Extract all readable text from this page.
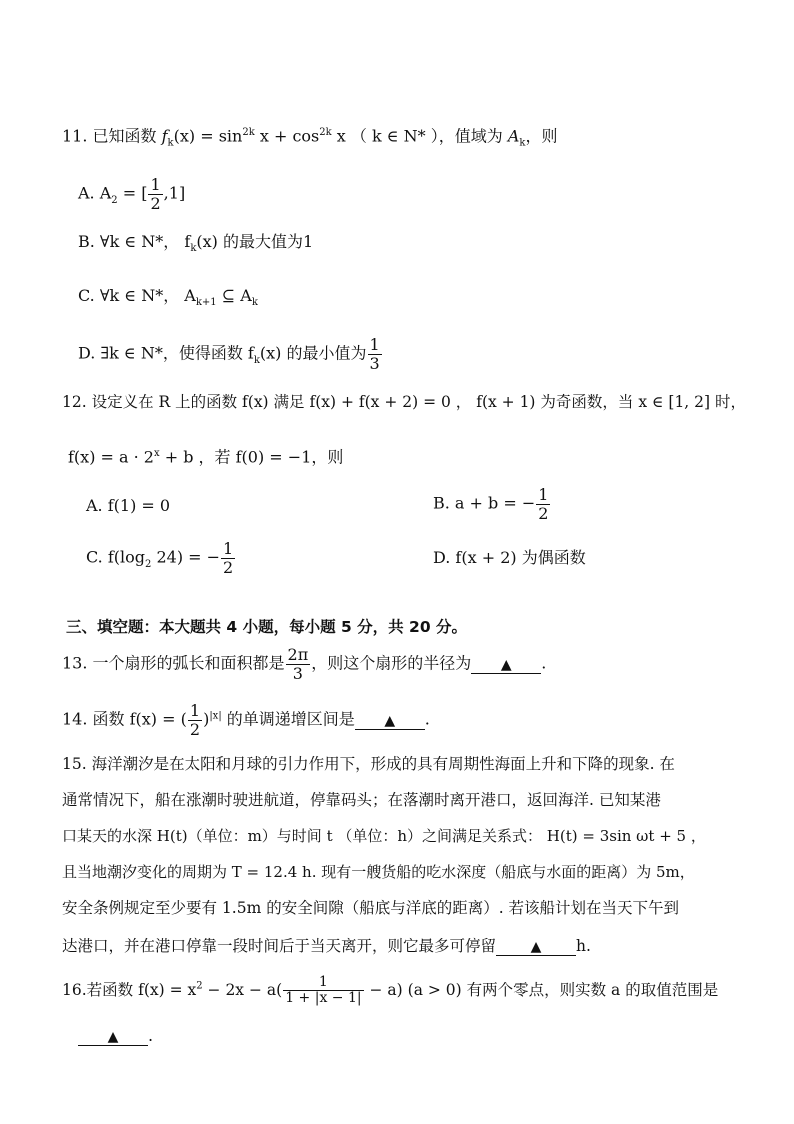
11. 已知函数 $f_k(x) = \sin^{2k} x + \cos^{2k} x$ （ k ∈ N* ），值域为 $A_k$，则
A. $A_2$ = [ $\frac{1}{2} ,1$]
B. ∀k ∈ N*， $f_k(x)$ 的最大值为1
C. ∀k ∈ N*， $A_{k+1}$ ⊆ $A_k$
D. ∃k ∈ N*，使得函数 $f_k(x)$ 的最小值为 $\frac{1}{3}$
12. 设定义在 R 上的函数 f(x) 满足 f(x) + f(x + 2) = 0 ， f(x + 1) 为奇函数，当 x ∈ [1, 2] 时，
$f(x) = a \cdot 2^x + b$ ，若 f(0) = −1，则
A. f(1) = 0	B. a + b = − $\frac{1}{2}$
C. $f(\log_2$ 24) = − $\frac{1}{2}$	D. f(x + 2) 为偶函数
三、填空题：本大题共 4 小题，每小题 5 分，共 20 分。
13. 一个扇形的弧长和面积都是 $\frac{2\pi}{3}$ ，则这个扇形的半径为 ▲ .
14. 函数 f(x) = ( $\frac{1}{2} )^{|x|}$ 的单调递增区间是 ▲ .
15. 海洋潮汐是在太阳和月球的引力作用下，形成的具有周期性海面上升和下降的现象. 在
通常情况下，船在涨潮时驶进航道，停靠码头；在落潮时离开港口，返回海洋. 已知某港
口某天的水深 H(t)（单位：m）与时间 t （单位：h）之间满足关系式： H(t) = 3sin ωt + 5 ，
且当地潮汐变化的周期为 T = 12.4 h. 现有一艘货船的吃水深度（船底与水面的距离）为 5m，
安全条例规定至少要有 1.5m 的安全间隙（船底与洋底的距离）. 若该船计划在当天下午到
达港口，并在港口停靠一段时间后于当天离开，则它最多可停留 ▲ h.
16.若函数 $f(x) = x^2 - 2x - a( \frac{1}{1 + |x - 1|} - a) (a > 0)$ 有两个零点，则实数 a 的取值范围是
▲ .
